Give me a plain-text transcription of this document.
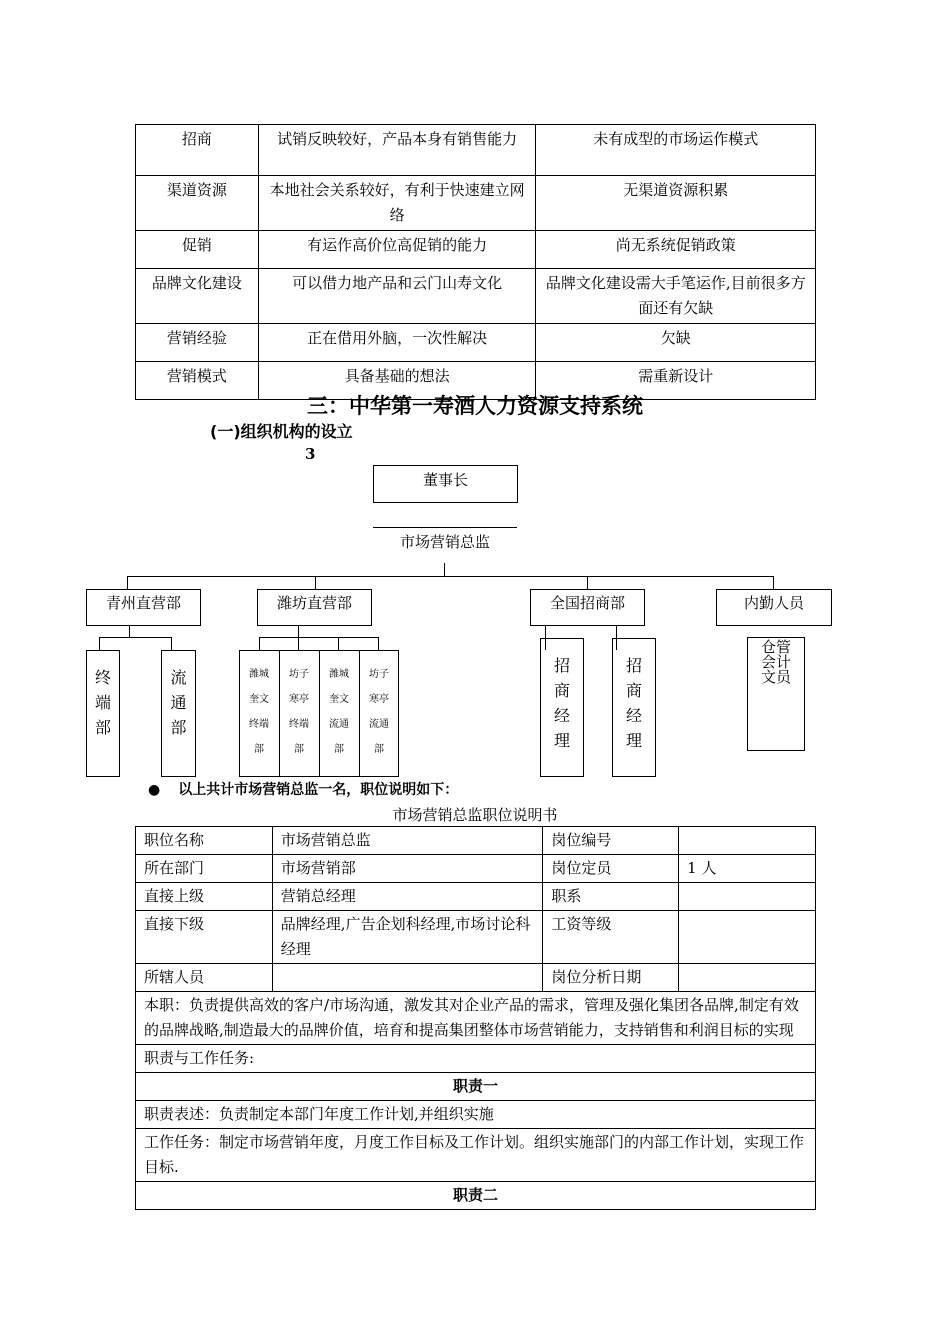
招商	试销反映较好，产品本身有销售能力	未有成型的市场运作模式
渠道资源	本地社会关系较好，有利于快速建立网络	无渠道资源积累
促销	有运作高价位高促销的能力	尚无系统促销政策
品牌文化建设	可以借力地产品和云门山寿文化	品牌文化建设需大手笔运作,目前很多方面还有欠缺
营销经验	正在借用外脑，一次性解决	欠缺
营销模式	具备基础的想法	需重新设计
三：中华第一寿酒人力资源支持系统
(一)组织机构的设立
3
董事长
市场营销总监
青州直营部	潍坊直营部	全国招商部	内勤人员
终端部
流通部
潍城奎文终端部
坊子寒亭终端部
潍城奎文流通部
坊子寒亭流通部
招商经理
招商经理
仓管会计文员
● 以上共计市场营销总监一名，职位说明如下：
市场营销总监职位说明书
职位名称	市场营销总监	岗位编号	
所在部门	市场营销部	岗位定员	1 人
直接上级	营销总经理	职系	
直接下级	品牌经理,广告企划科经理,市场讨论科经理	工资等级	
所辖人员		岗位分析日期	
本职：负责提供高效的客户/市场沟通，激发其对企业产品的需求，管理及强化集团各品牌,制定有效的品牌战略,制造最大的品牌价值，培育和提高集团整体市场营销能力，支持销售和利润目标的实现			
职责与工作任务:			
职责一			
职责表述：负责制定本部门年度工作计划,并组织实施			
工作任务：制定市场营销年度，月度工作目标及工作计划。组织实施部门的内部工作计划，实现工作目标.			
职责二			
